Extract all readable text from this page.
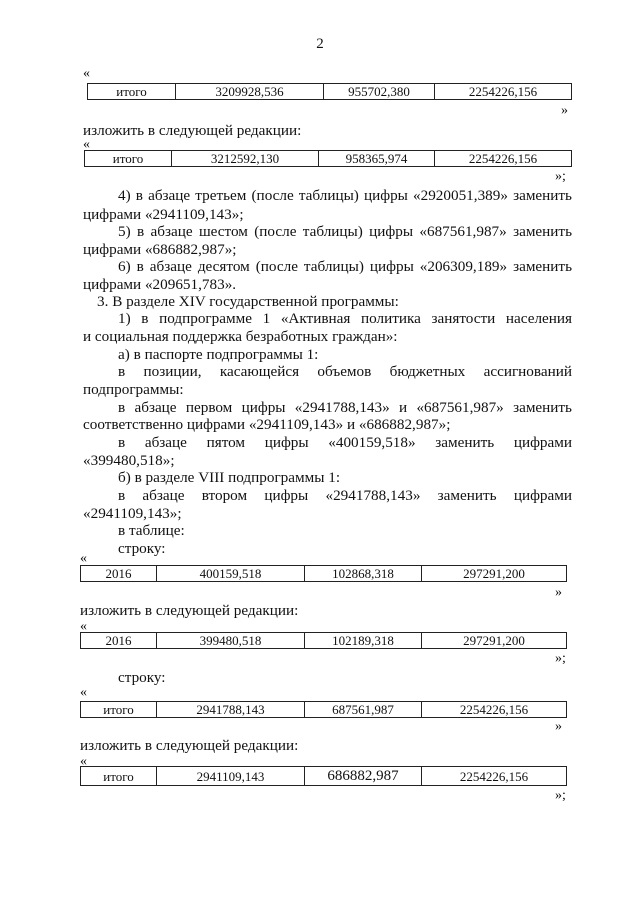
2
«
итого	3209928,536	955702,380	2254226,156
»
изложить в следующей редакции:
«
итого	3212592,130	958365,974	2254226,156
»;
4) в абзаце третьем (после таблицы) цифры «2920051,389» заменить
цифрами «2941109,143»;
5) в абзаце шестом (после таблицы) цифры «687561,987» заменить
цифрами «686882,987»;
6) в абзаце десятом (после таблицы) цифры «206309,189» заменить
цифрами «209651,783».
3. В разделе XIV государственной программы:
1) в подпрограмме 1 «Активная политика занятости населения
и социальная поддержка безработных граждан»:
а) в паспорте подпрограммы 1:
в позиции, касающейся объемов бюджетных ассигнований
подпрограммы:
в абзаце первом цифры «2941788,143» и «687561,987» заменить
соответственно цифрами «2941109,143» и «686882,987»;
в абзаце пятом цифры «400159,518» заменить цифрами
«399480,518»;
б) в разделе VIII подпрограммы 1:
в абзаце втором цифры «2941788,143» заменить цифрами
«2941109,143»;
в таблице:
строку:
«
2016	400159,518	102868,318	297291,200
»
изложить в следующей редакции:
«
2016	399480,518	102189,318	297291,200
»;
строку:
«
итого	2941788,143	687561,987	2254226,156
»
изложить в следующей редакции:
«
итого	2941109,143	686882,987	2254226,156
»;
